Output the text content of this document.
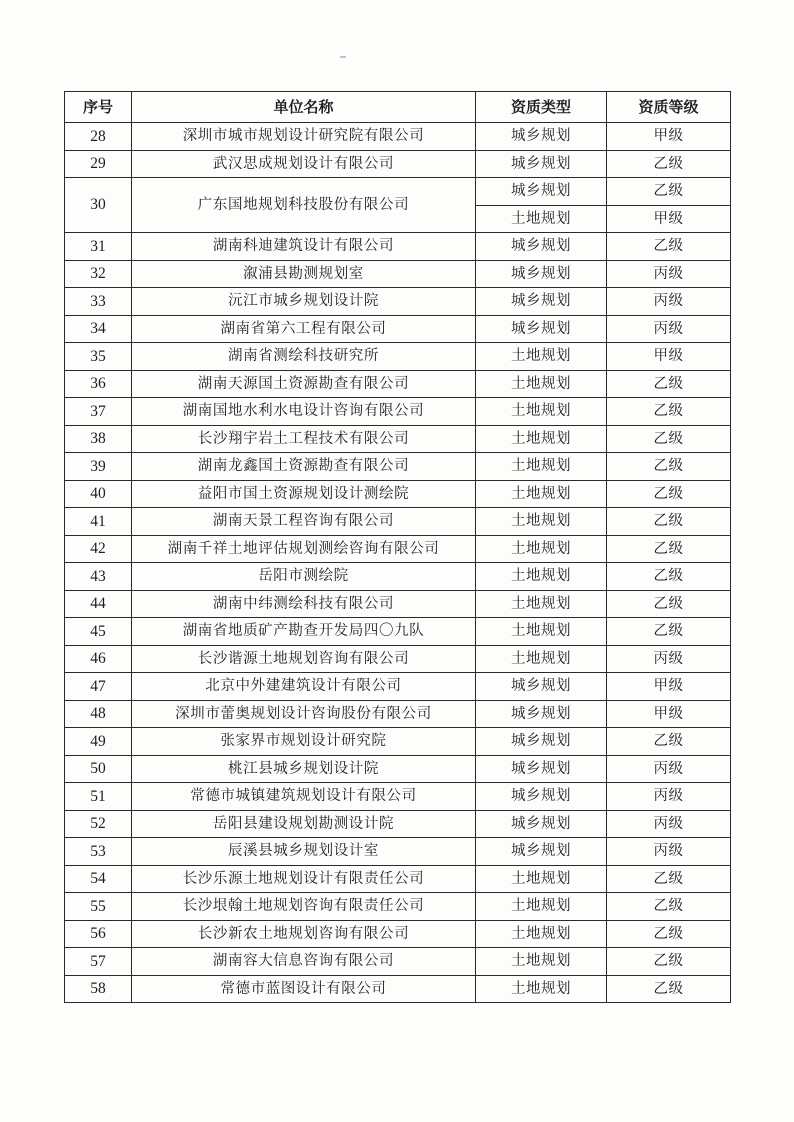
序号	单位名称	资质类型	资质等级
28	深圳市城市规划设计研究院有限公司	城乡规划	甲级
29	武汉思成规划设计有限公司	城乡规划	乙级
30	广东国地规划科技股份有限公司	城乡规划	乙级
		土地规划	甲级
31	湖南科迪建筑设计有限公司	城乡规划	乙级
32	溆浦县勘测规划室	城乡规划	丙级
33	沅江市城乡规划设计院	城乡规划	丙级
34	湖南省第六工程有限公司	城乡规划	丙级
35	湖南省测绘科技研究所	土地规划	甲级
36	湖南天源国土资源勘查有限公司	土地规划	乙级
37	湖南国地水利水电设计咨询有限公司	土地规划	乙级
38	长沙翔宇岩土工程技术有限公司	土地规划	乙级
39	湖南龙鑫国土资源勘查有限公司	土地规划	乙级
40	益阳市国土资源规划设计测绘院	土地规划	乙级
41	湖南天景工程咨询有限公司	土地规划	乙级
42	湖南千祥土地评估规划测绘咨询有限公司	土地规划	乙级
43	岳阳市测绘院	土地规划	乙级
44	湖南中纬测绘科技有限公司	土地规划	乙级
45	湖南省地质矿产勘查开发局四〇九队	土地规划	乙级
46	长沙谐源土地规划咨询有限公司	土地规划	丙级
47	北京中外建建筑设计有限公司	城乡规划	甲级
48	深圳市蕾奥规划设计咨询股份有限公司	城乡规划	甲级
49	张家界市规划设计研究院	城乡规划	乙级
50	桃江县城乡规划设计院	城乡规划	丙级
51	常德市城镇建筑规划设计有限公司	城乡规划	丙级
52	岳阳县建设规划勘测设计院	城乡规划	丙级
53	辰溪县城乡规划设计室	城乡规划	丙级
54	长沙乐源土地规划设计有限责任公司	土地规划	乙级
55	长沙垠翰土地规划咨询有限责任公司	土地规划	乙级
56	长沙新农土地规划咨询有限公司	土地规划	乙级
57	湖南容大信息咨询有限公司	土地规划	乙级
58	常德市蓝图设计有限公司	土地规划	乙级
